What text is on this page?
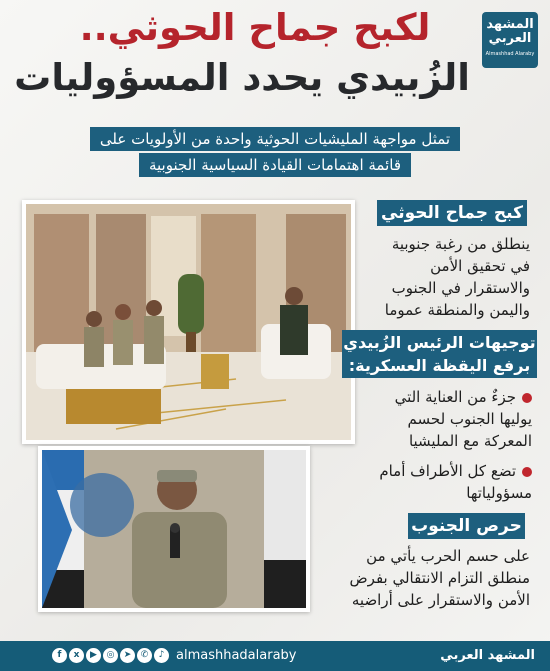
لكبح جماح الحوثي..
الزُبيدي يحدد المسؤوليات
المشهد العربي
Almashhad Alaraby
تمثل مواجهة المليشيات الحوثية واحدة من الأولويات على
قائمة اهتمامات القيادة السياسية الجنوبية
كبح جماح الحوثي
ينطلق من رغبة جنوبية
في تحقيق الأمن
والاستقرار في الجنوب
واليمن والمنطقة عموما
توجيهات الرئيس الزُبيدي
برفع اليقظة العسكرية:
جزءٌ من العناية التي
يوليها الجنوب لحسم
المعركة مع المليشيا
تضع كل الأطراف أمام
مسؤولياتها
حرص الجنوب
على حسم الحرب يأتي من
منطلق التزام الانتقالي بفرض
الأمن والاستقرار على أراضيه
f	x	▶	◎	➤	✆	♪ almashhadalaraby	المشهد العربي
